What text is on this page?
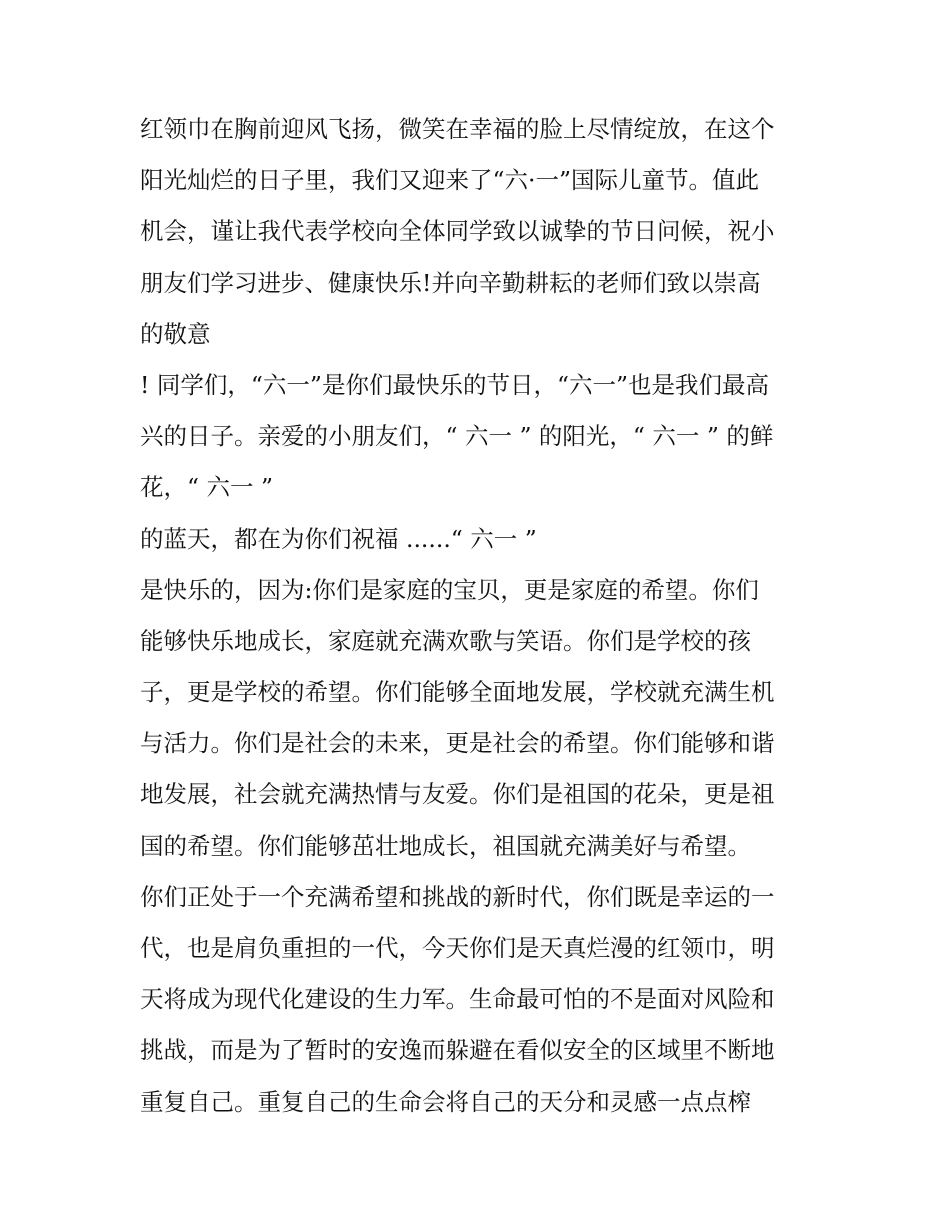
红领巾在胸前迎风飞扬，微笑在幸福的脸上尽情绽放，在这个
阳光灿烂的日子里，我们又迎来了“六·一”国际儿童节。值此
机会，谨让我代表学校向全体同学致以诚挚的节日问候，祝小
朋友们学习进步、健康快乐!并向辛勤耕耘的老师们致以崇高
的敬意
! 同学们，“六一”是你们最快乐的节日，“六一”也是我们最高
兴的日子。亲爱的小朋友们，“ 六一 ” 的阳光，“ 六一 ” 的鲜
花，“ 六一 ”
的蓝天，都在为你们祝福 ......“ 六一 ”
是快乐的，因为:你们是家庭的宝贝，更是家庭的希望。你们
能够快乐地成长，家庭就充满欢歌与笑语。你们是学校的孩
子，更是学校的希望。你们能够全面地发展，学校就充满生机
与活力。你们是社会的未来，更是社会的希望。你们能够和谐
地发展，社会就充满热情与友爱。你们是祖国的花朵，更是祖
国的希望。你们能够茁壮地成长，祖国就充满美好与希望。
你们正处于一个充满希望和挑战的新时代，你们既是幸运的一
代，也是肩负重担的一代，今天你们是天真烂漫的红领巾，明
天将成为现代化建设的生力军。生命最可怕的不是面对风险和
挑战，而是为了暂时的安逸而躲避在看似安全的区域里不断地
重复自己。重复自己的生命会将自己的天分和灵感一点点榨
